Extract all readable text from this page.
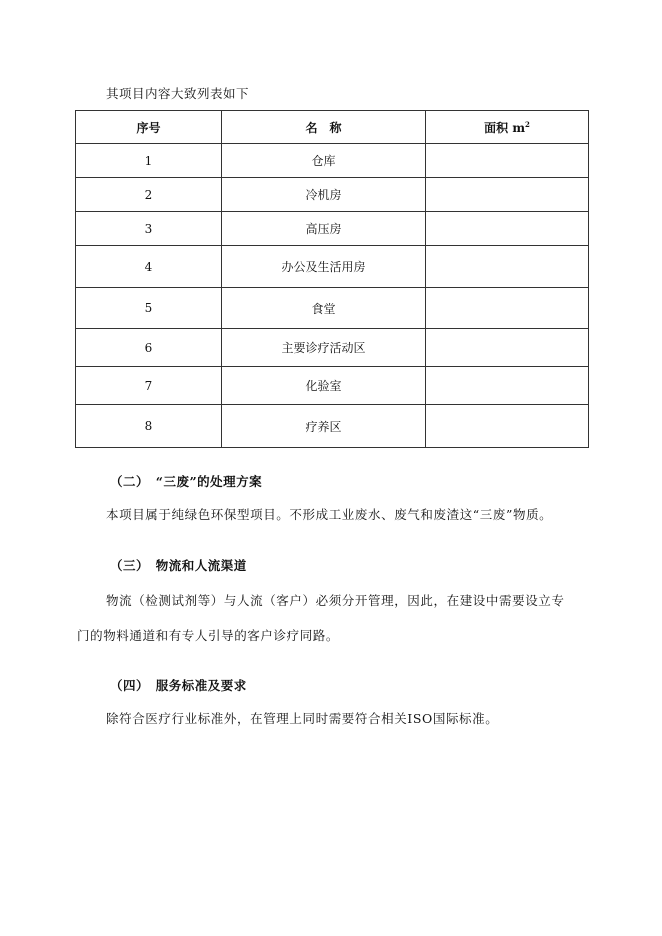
其项目内容大致列表如下
序号	名　称	面积 $m^2$
1	仓库	
2	冷机房	
3	高压房	
4	办公及生活用房	
5	食堂	
6	主要诊疗活动区	
7	化验室	
8	疗养区	
（二）　“三废”的处理方案
本项目属于纯绿色环保型项目。不形成工业废水、废气和废渣这“三废”物质。
（三）　物流和人流渠道
物流（检测试剂等）与人流（客户）必须分开管理，因此，在建设中需要设立专
门的物料通道和有专人引导的客户诊疗同路。
（四）　服务标准及要求
除符合医疗行业标准外，在管理上同时需要符合相关ISO国际标准。
